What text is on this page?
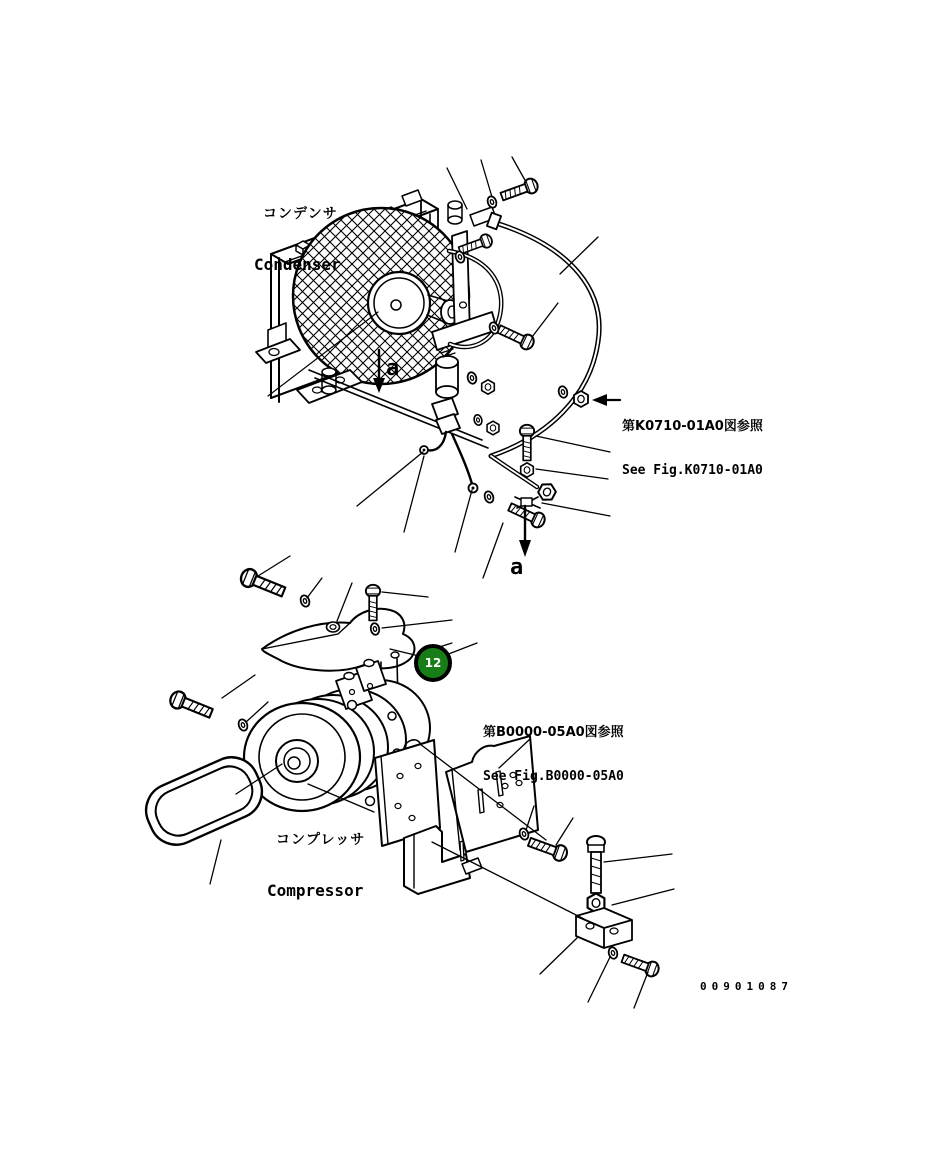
コンデンサ

Condenser

第K0710-01A0図参照

See Fig.K0710-01A0

a
a

第B0000-05A0図参照

See Fig.B0000-05A0

コンプレッサ

Compressor

12
00901087
